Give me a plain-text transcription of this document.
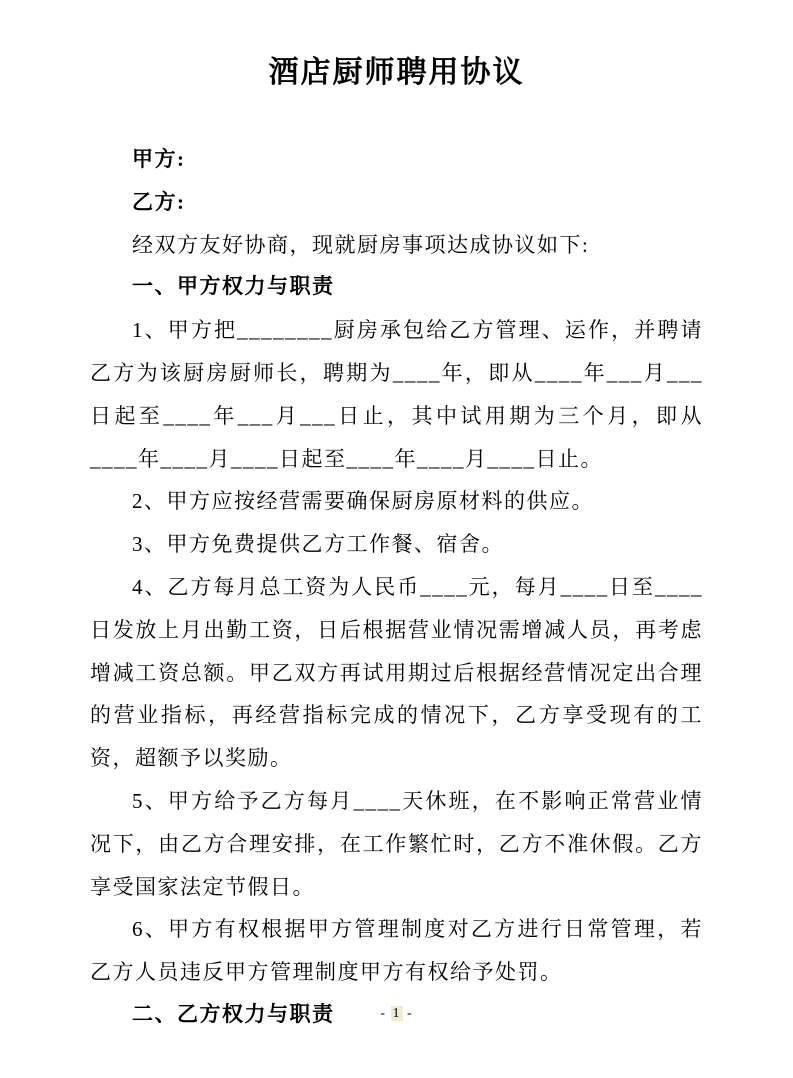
酒店厨师聘用协议

甲方:

乙方:

经双方友好协商，现就厨房事项达成协议如下:

一、甲方权力与职责

1、甲方把________厨房承包给乙方管理、运作，并聘请乙方为该厨房厨师长，聘期为____年，即从____年___月___日起至____年___月___日止，其中试用期为三个月，即从____年____月____日起至____年____月____日止。

2、甲方应按经营需要确保厨房原材料的供应。

3、甲方免费提供乙方工作餐、宿舍。

4、乙方每月总工资为人民币____元，每月____日至____日发放上月出勤工资，日后根据营业情况需增减人员，再考虑增减工资总额。甲乙双方再试用期过后根据经营情况定出合理的营业指标，再经营指标完成的情况下，乙方享受现有的工资，超额予以奖励。

5、甲方给予乙方每月____天休班，在不影响正常营业情况下，由乙方合理安排，在工作繁忙时，乙方不准休假。乙方享受国家法定节假日。

6、甲方有权根据甲方管理制度对乙方进行日常管理，若乙方人员违反甲方管理制度甲方有权给予处罚。

二、乙方权力与职责	- 1 -
